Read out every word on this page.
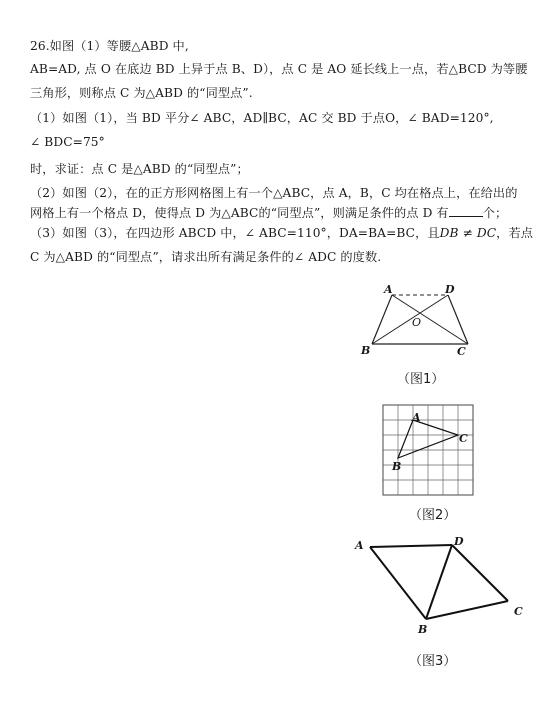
26.如图（1）等腰△ABD 中,
AB=AD, 点 O 在底边 BD 上异于点 B、D），点 C 是 AO 延长线上一点，若△BCD 为等腰
三角形，则称点 C 为△ABD 的“同型点”.
（1）如图（1），当 BD 平分∠ ABC，AD∥BC，AC 交 BD 于点O，∠ BAD=120°,
∠ BDC=75°
时，求证：点 C 是△ABD 的“同型点”；
（2）如图（2），在的正方形网格图上有一个△ABC，点 A，B，C 均在格点上，在给出的
网格上有一个格点 D，使得点 D 为△ABC的“同型点”，则满足条件的点 D 有	个；
（3）如图（3），在四边形 ABCD 中，∠ ABC=110°，DA=BA=BC，且DB ≠ DC，若点
C 为△ABD 的“同型点”，请求出所有满足条件的∠ ADC 的度数.
A	D
O
B	C
（图1）
A
C
B
（图2）
A	D
B
C
（图3）
